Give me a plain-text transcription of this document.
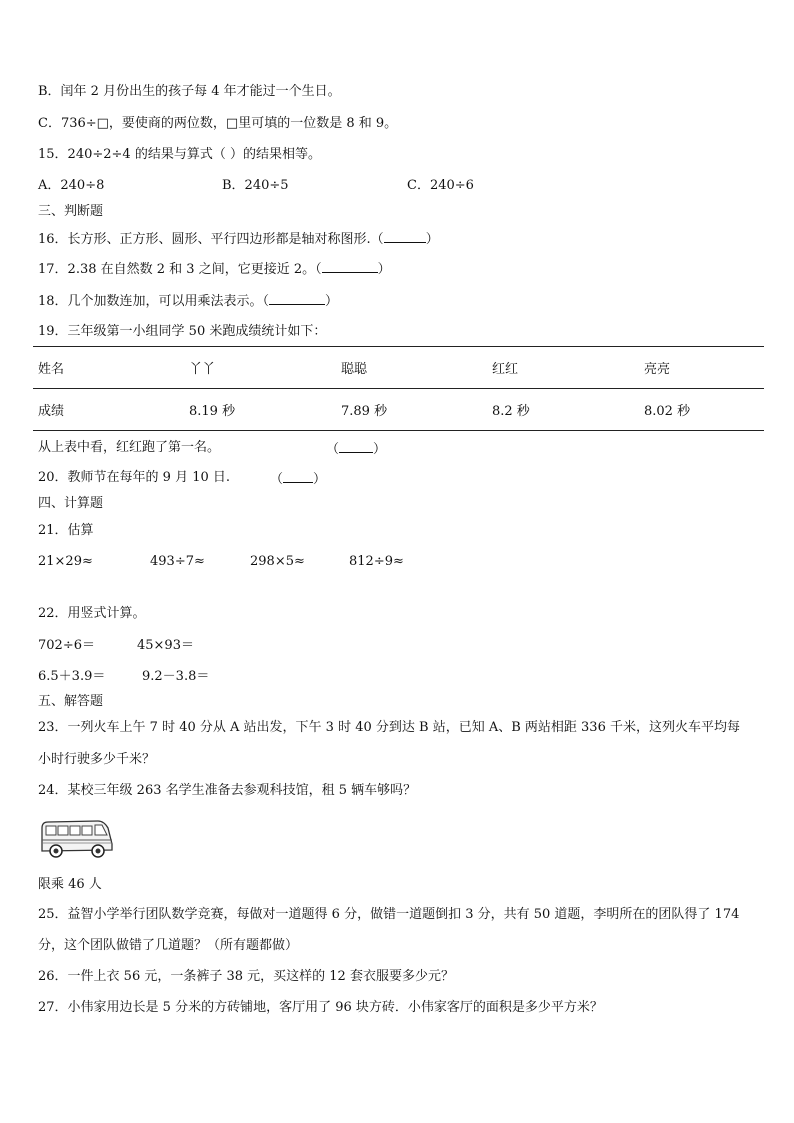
B．闰年 2 月份出生的孩子每 4 年才能过一个生日。
C．736÷□，要使商的两位数，□里可填的一位数是 8 和 9。
15．240÷2÷4 的结果与算式（ ）的结果相等。
A．240÷8	B．240÷5	C．240÷6
三、判断题
16．长方形、正方形、圆形、平行四边形都是轴对称图形.（	）
17．2.38 在自然数 2 和 3 之间，它更接近 2。（	）
18．几个加数连加，可以用乘法表示。（	）
19．三年级第一小组同学 50 米跑成绩统计如下：
姓名	丫丫	聪聪	红红	亮亮
成绩	8.19 秒	7.89 秒	8.2 秒	8.02 秒
从上表中看，红红跑了第一名。	（	）
20．教师节在每年的 9 月 10 日.	（ ）
四、计算题
21．估算
21×29≈	493÷7≈	298×5≈	812÷9≈
22．用竖式计算。
702÷6＝	45×93＝
6.5＋3.9＝	9.2－3.8＝
五、解答题
23．一列火车上午 7 时 40 分从 A 站出发，下午 3 时 40 分到达 B 站，已知 A、B 两站相距 336 千米，这列火车平均每
小时行驶多少千米？
24．某校三年级 263 名学生准备去参观科技馆，租 5 辆车够吗？
限乘 46 人
25．益智小学举行团队数学竞赛，每做对一道题得 6 分，做错一道题倒扣 3 分，共有 50 道题，李明所在的团队得了 174
分，这个团队做错了几道题？（所有题都做）
26．一件上衣 56 元，一条裤子 38 元，买这样的 12 套衣服要多少元？
27．小伟家用边长是 5 分米的方砖铺地，客厅用了 96 块方砖．小伟家客厅的面积是多少平方米？
